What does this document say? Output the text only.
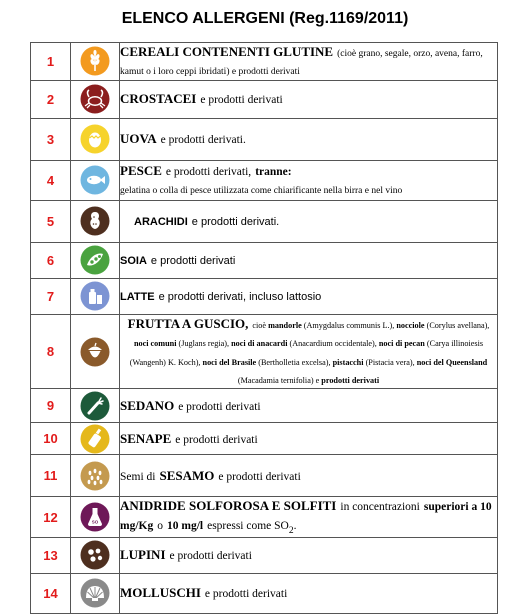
ELENCO ALLERGENI (Reg.1169/2011)
1		CEREALI CONTENENTI GLUTINE (cioè grano, segale, orzo, avena, farro, kamut o i loro ceppi ibridati) e prodotti derivati
2		CROSTACEI e prodotti derivati
3		UOVA e prodotti derivati.
4		PESCE e prodotti derivati, tranne:
gelatina o colla di pesce utilizzata come chiarificante nella birra e nel vino
5		ARACHIDI e prodotti derivati.
6		SOIA e prodotti derivati
7		LATTE e prodotti derivati, incluso lattosio
8		FRUTTA A GUSCIO, cioè mandorle (Amygdalus communis L.), nocciole (Corylus avellana), noci comuni (Juglans regia), noci di anacardi (Anacardium occidentale), noci di pecan (Carya illinoiesis (Wangenh) K. Koch), noci del Brasile (Bertholletia excelsa), pistacchi (Pistacia vera), noci del Queensland (Macadamia ternifolia) e prodotti derivati
9		SEDANO e prodotti derivati
10		SENAPE e prodotti derivati
11		Semi di SESAMO e prodotti derivati
12	SO	ANIDRIDE SOLFOROSA E SOLFITI in concentrazioni superiori a 10
mg/Kg o 10 mg/l espressi come $SO_2$.
13		LUPINI e prodotti derivati
14		MOLLUSCHI e prodotti derivati
